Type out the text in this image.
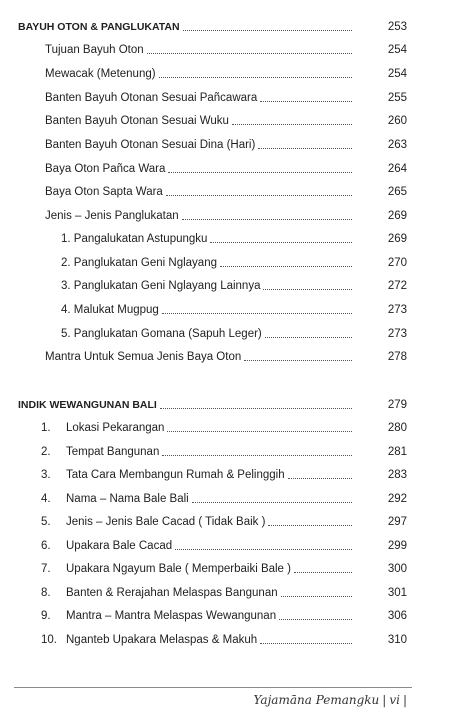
BAYUH OTON & PANGLUKATAN	253
Tujuan Bayuh Oton	254
Mewacak (Metenung)	254
Banten Bayuh Otonan Sesuai Pañcawara	255
Banten Bayuh Otonan Sesuai Wuku	260
Banten Bayuh Otonan Sesuai Dina (Hari)	263
Baya Oton Pañca Wara	264
Baya Oton Sapta Wara	265
Jenis – Jenis Panglukatan	269
1. Pangalukatan Astupungku	269
2. Panglukatan Geni Nglayang	270
3. Panglukatan Geni Nglayang Lainnya	272
4. Malukat Mugpug	273
5. Panglukatan Gomana (Sapuh Leger)	273
Mantra Untuk Semua Jenis Baya Oton	278
INDIK WEWANGUNAN BALI	279
1.	Lokasi Pekarangan	280
2.	Tempat Bangunan	281
3.	Tata Cara Membangun Rumah & Pelinggih	283
4.	Nama – Nama Bale Bali	292
5.	Jenis – Jenis Bale Cacad ( Tidak Baik )	297
6.	Upakara Bale Cacad	299
7.	Upakara Ngayum Bale ( Memperbaiki Bale )	300
8.	Banten & Rerajahan Melaspas Bangunan	301
9.	Mantra – Mantra Melaspas Wewangunan	306
10. Nganteb Upakara Melaspas & Makuh	310
Yajamāna Pemangku | vi |
